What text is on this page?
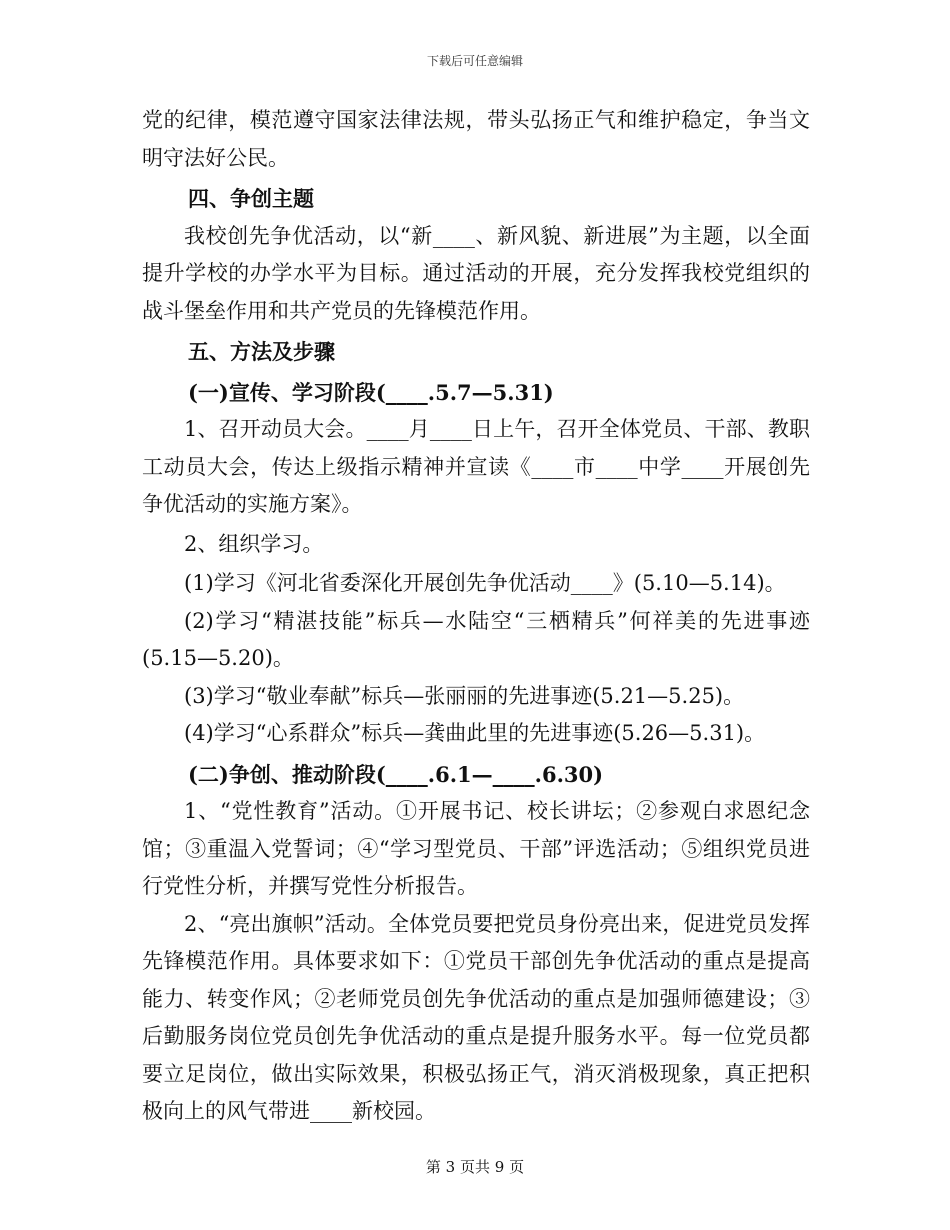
下载后可任意编辑

党的纪律，模范遵守国家法律法规，带头弘扬正气和维护稳定，争当文明守法好公民。

四、争创主题

我校创先争优活动，以“新____、新风貌、新进展”为主题，以全面提升学校的办学水平为目标。通过活动的开展，充分发挥我校党组织的战斗堡垒作用和共产党员的先锋模范作用。

五、方法及步骤

(一)宣传、学习阶段(____.5.7—5.31)

1、召开动员大会。____月____日上午，召开全体党员、干部、教职工动员大会，传达上级指示精神并宣读《____市____中学____开展创先争优活动的实施方案》。

2、组织学习。

(1)学习《河北省委深化开展创先争优活动____》(5.10—5.14)。

(2)学习“精湛技能”标兵—水陆空“三栖精兵”何祥美的先进事迹(5.15—5.20)。

(3)学习“敬业奉献”标兵—张丽丽的先进事迹(5.21—5.25)。

(4)学习“心系群众”标兵—龚曲此里的先进事迹(5.26—5.31)。

(二)争创、推动阶段(____.6.1—____.6.30)

1、“党性教育”活动。①开展书记、校长讲坛；②参观白求恩纪念馆；③重温入党誓词；④“学习型党员、干部”评选活动；⑤组织党员进行党性分析，并撰写党性分析报告。

2、“亮出旗帜”活动。全体党员要把党员身份亮出来，促进党员发挥先锋模范作用。具体要求如下：①党员干部创先争优活动的重点是提高能力、转变作风；②老师党员创先争优活动的重点是加强师德建设；③后勤服务岗位党员创先争优活动的重点是提升服务水平。每一位党员都要立足岗位，做出实际效果，积极弘扬正气，消灭消极现象，真正把积极向上的风气带进____新校园。

第 3 页共 9 页
